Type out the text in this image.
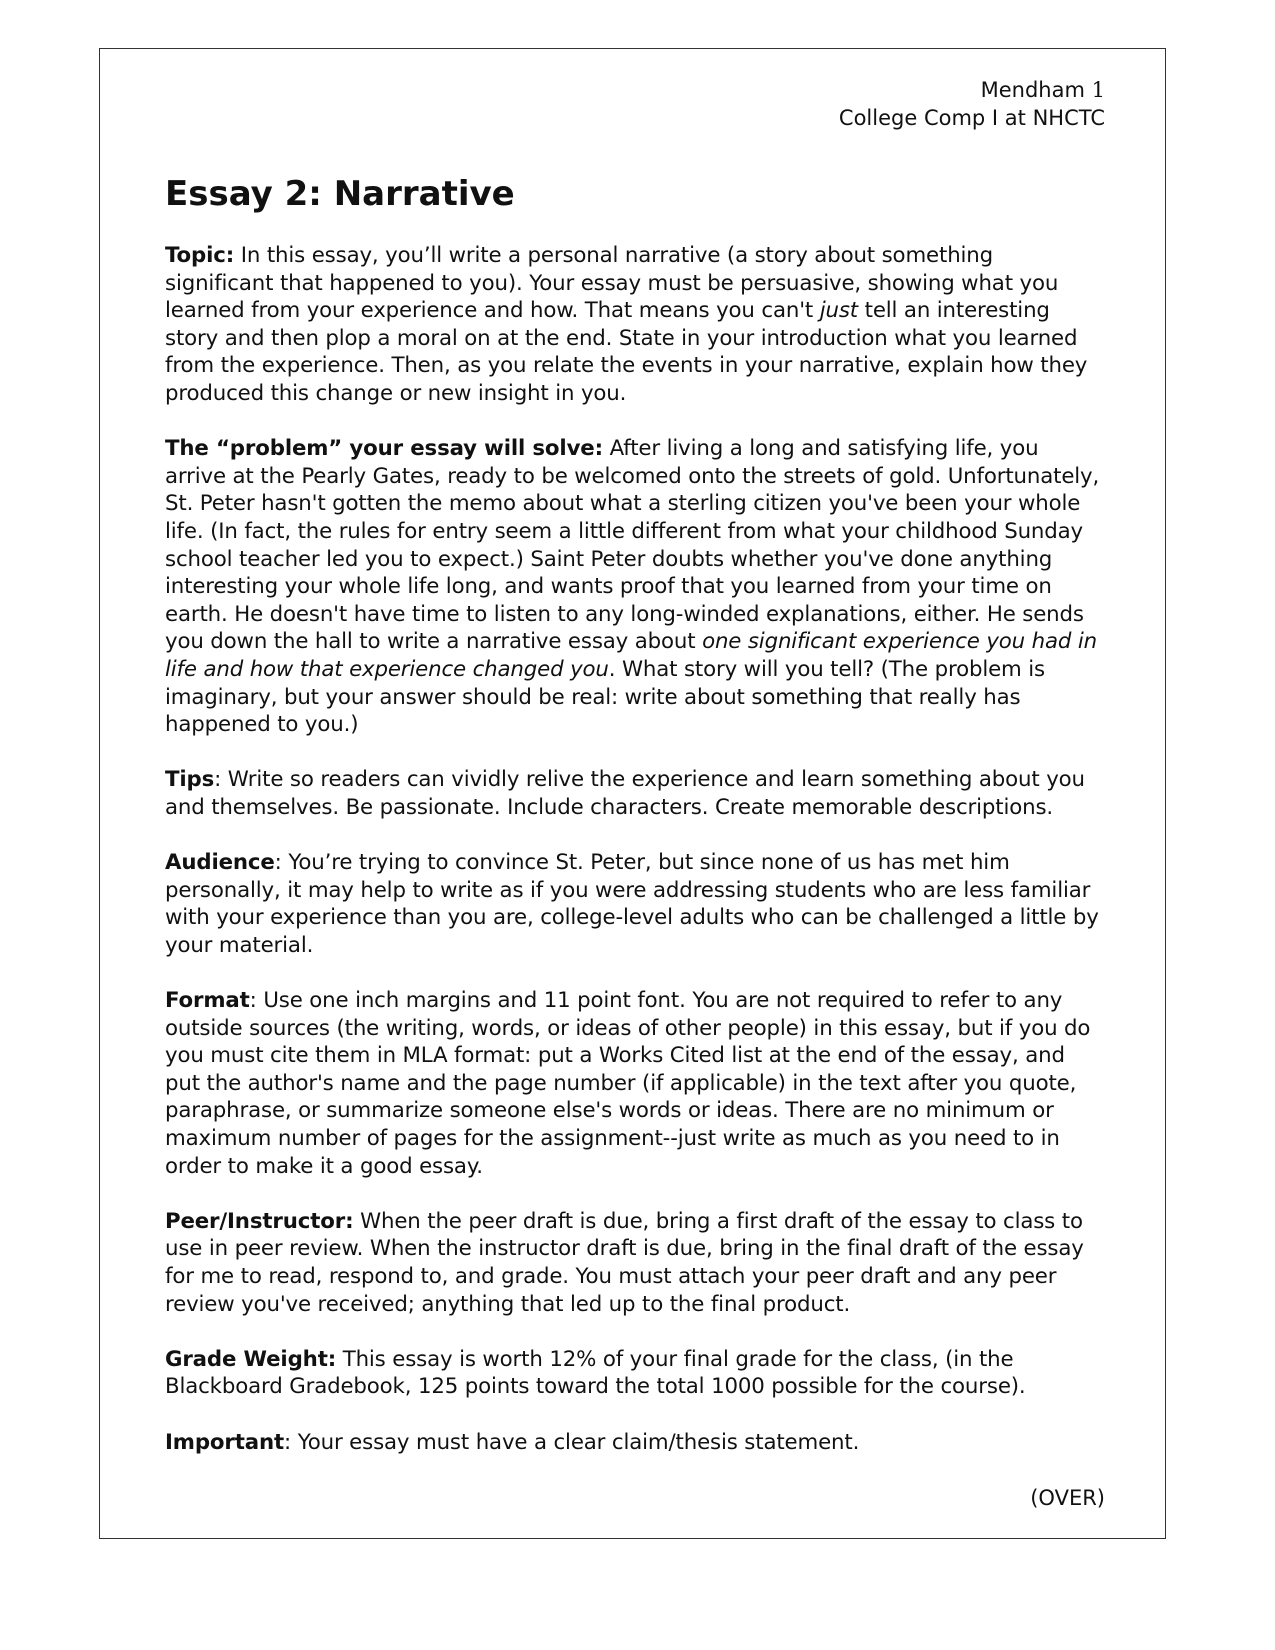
Mendham 1
College Comp I at NHCTC
Essay 2: Narrative

Topic: In this essay, you’ll write a personal narrative (a story about something significant that happened to you). Your essay must be persuasive, showing what you learned from your experience and how. That means you can't just tell an interesting story and then plop a moral on at the end. State in your introduction what you learned from the experience. Then, as you relate the events in your narrative, explain how they produced this change or new insight in you.

The “problem” your essay will solve: After living a long and satisfying life, you arrive at the Pearly Gates, ready to be welcomed onto the streets of gold. Unfortunately, St. Peter hasn't gotten the memo about what a sterling citizen you've been your whole life. (In fact, the rules for entry seem a little different from what your childhood Sunday school teacher led you to expect.) Saint Peter doubts whether you've done anything interesting your whole life long, and wants proof that you learned from your time on earth. He doesn't have time to listen to any long-winded explanations, either. He sends you down the hall to write a narrative essay about one significant experience you had in life and how that experience changed you. What story will you tell? (The problem is imaginary, but your answer should be real: write about something that really has happened to you.)

Tips: Write so readers can vividly relive the experience and learn something about you and themselves. Be passionate. Include characters. Create memorable descriptions.

Audience: You’re trying to convince St. Peter, but since none of us has met him personally, it may help to write as if you were addressing students who are less familiar with your experience than you are, college-level adults who can be challenged a little by your material.

Format: Use one inch margins and 11 point font. You are not required to refer to any outside sources (the writing, words, or ideas of other people) in this essay, but if you do you must cite them in MLA format: put a Works Cited list at the end of the essay, and put the author's name and the page number (if applicable) in the text after you quote, paraphrase, or summarize someone else's words or ideas. There are no minimum or maximum number of pages for the assignment--just write as much as you need to in order to make it a good essay.

Peer/Instructor: When the peer draft is due, bring a first draft of the essay to class to use in peer review. When the instructor draft is due, bring in the final draft of the essay for me to read, respond to, and grade. You must attach your peer draft and any peer review you've received; anything that led up to the final product.

Grade Weight: This essay is worth 12% of your final grade for the class, (in the Blackboard Gradebook, 125 points toward the total 1000 possible for the course).

Important: Your essay must have a clear claim/thesis statement.

(OVER)
